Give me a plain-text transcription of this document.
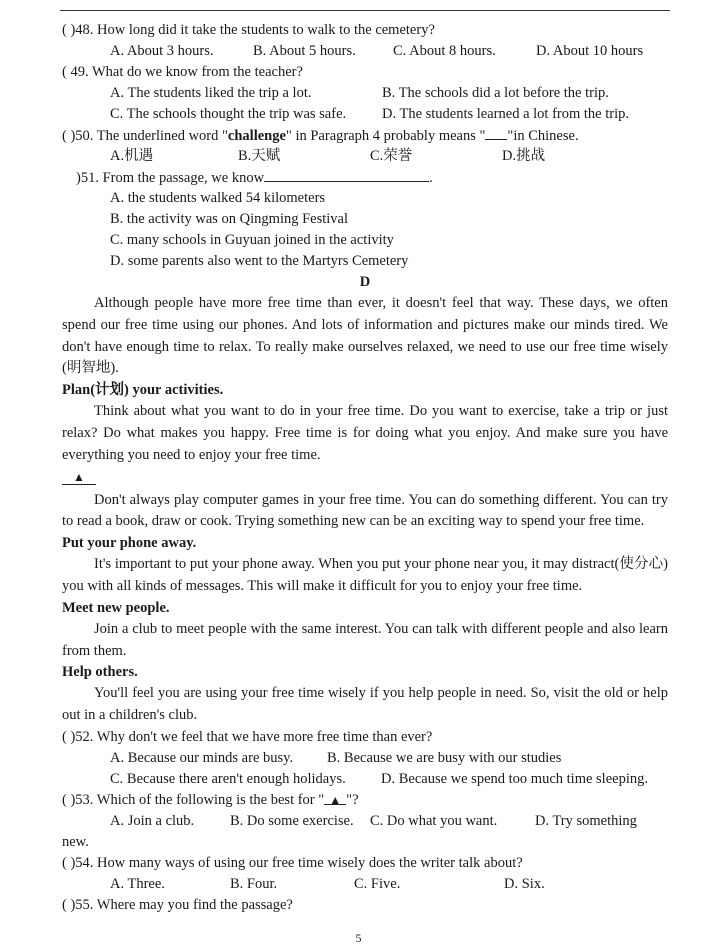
( )48. How long did it take the students to walk to the cemetery?
A. About 3 hours.	B. About 5 hours.	C. About 8 hours.	D. About 10 hours
( 49. What do we know from the teacher?
A. The students liked the trip a lot.	B. The schools did a lot before the trip.
C. The schools thought the trip was safe.	D. The students learned a lot from the trip.
( )50. The underlined word "challenge" in Paragraph 4 probably means " "in Chinese.
A.机遇	B.天赋	C.荣誉	D.挑战
)51. From the passage, we know	.
A. the students walked 54 kilometers
B. the activity was on Qingming Festival
C. many schools in Guyuan joined in the activity
D. some parents also went to the Martyrs Cemetery
D

Although people have more free time than ever, it doesn't feel that way. These days, we often spend our free time using our phones. And lots of information and pictures make our minds tired. We don't have enough time to relax. To really make ourselves relaxed, we need to use our free time wisely (明智地).

Plan(计划) your activities.

Think about what you want to do in your free time. Do you want to exercise, take a trip or just relax? Do what makes you happy. Free time is for doing what you enjoy. And make sure you have everything you need to enjoy your free time.

▲

Don't always play computer games in your free time. You can do something different. You can try to read a book, draw or cook. Trying something new can be an exciting way to spend your free time.

Put your phone away.

It's important to put your phone away. When you put your phone near you, it may distract(使分心) you with all kinds of messages. This will make it difficult for you to enjoy your free time.

Meet new people.

Join a club to meet people with the same interest. You can talk with different people and also learn from them.

Help others.

You'll feel you are using your free time wisely if you help people in need. So, visit the old or help out in a children's club.

( )52. Why don't we feel that we have more free time than ever?
A. Because our minds are busy.	B. Because we are busy with our studies
C. Because there aren't enough holidays.	D. Because we spend too much time sleeping.
( )53. Which of the following is the best for " ▲ "?
A. Join a club.	B. Do some exercise.	C. Do what you want.	D. Try something
new.
( )54. How many ways of using our free time wisely does the writer talk about?
A. Three.	B. Four.	C. Five.	D. Six.
( )55. Where may you find the passage?
5
